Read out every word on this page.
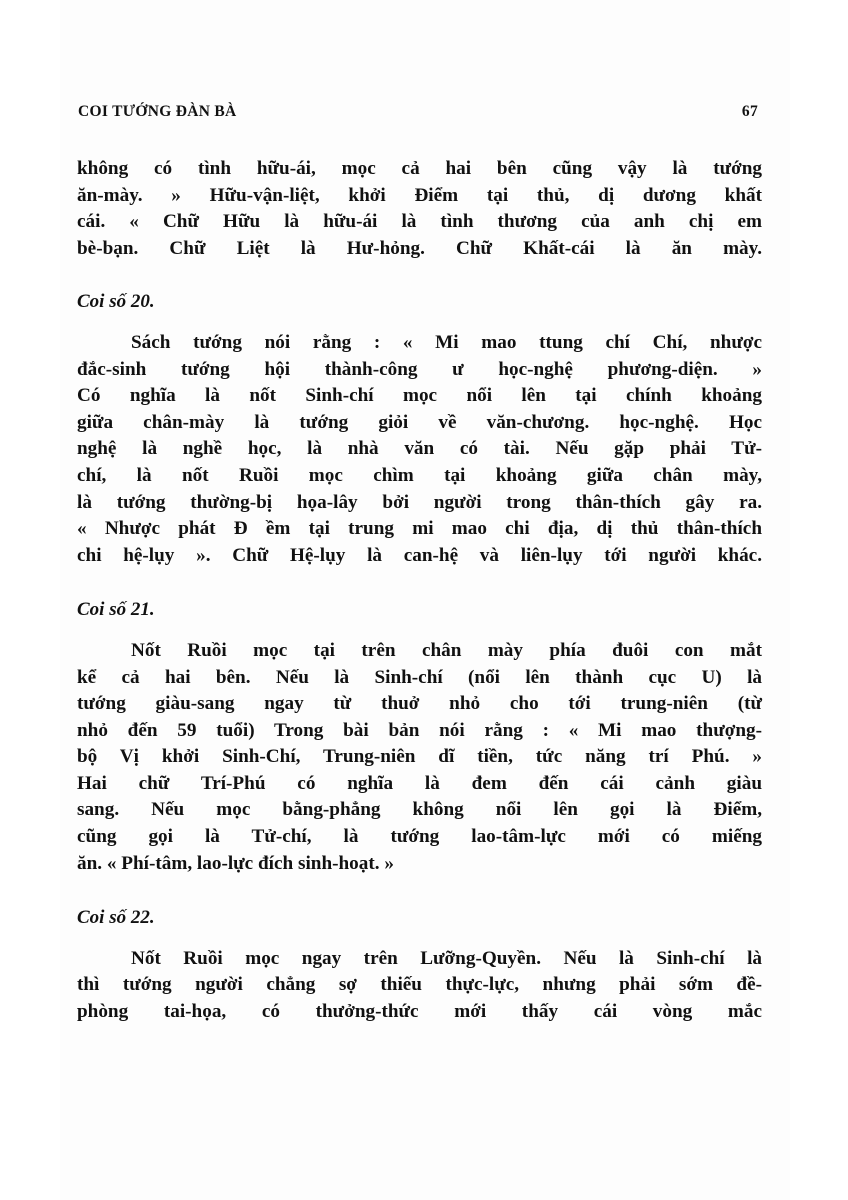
COI TƯỚNG ĐÀN BÀ	67

không có tình hữu-ái, mọc cả hai bên cũng vậy là tướng
ăn-mày. » Hữu-vận-liệt, khởi Điểm tại thủ, dị dương khất
cái. « Chữ Hữu là hữu-ái là tình thương của anh chị em
bè-bạn. Chữ Liệt là Hư-hỏng. Chữ Khất-cái là ăn mày.

Coi số 20.

Sách tướng nói rằng : « Mi mao ttung chí Chí, nhược
đắc-sinh tướng hội thành-công ư học-nghệ phương-diện. »
Có nghĩa là nốt Sinh-chí mọc nổi lên tại chính khoảng
giữa chân-mày là tướng giỏi về văn-chương. học-nghệ. Học
nghệ là nghề học, là nhà văn có tài. Nếu gặp phải Tử-
chí, là nốt Ruồi mọc chìm tại khoảng giữa chân mày,
là tướng thường-bị họa-lây bởi người trong thân-thích gây ra.
« Nhược phát Đ ềm tại trung mi mao chi địa, dị thủ thân-thích
chi hệ-lụy ». Chữ Hệ-lụy là can-hệ và liên-lụy tới người khác.

Coi số 21.

Nốt Ruồi mọc tại trên chân mày phía đuôi con mắt
kể cả hai bên. Nếu là Sinh-chí (nổi lên thành cục U) là
tướng giàu-sang ngay từ thuở nhỏ cho tới trung-niên (từ
nhỏ đến 59 tuổi) Trong bài bản nói rằng : « Mi mao thượng-
bộ Vị khởi Sinh-Chí, Trung-niên dĩ tiền, tức năng trí Phú. »
Hai chữ Trí-Phú có nghĩa là đem đến cái cảnh giàu
sang. Nếu mọc bằng-phẳng không nổi lên gọi là Điểm,
cũng gọi là Tử-chí, là tướng lao-tâm-lực mới có miếng
ăn. « Phí-tâm, lao-lực đích sinh-hoạt. »

Coi số 22.

Nốt Ruồi mọc ngay trên Lưỡng-Quyền. Nếu là Sinh-chí là
thì tướng người chẳng sợ thiếu thực-lực, nhưng phải sớm đề-
phòng tai-họa, có thưởng-thức mới thấy cái vòng mắc
